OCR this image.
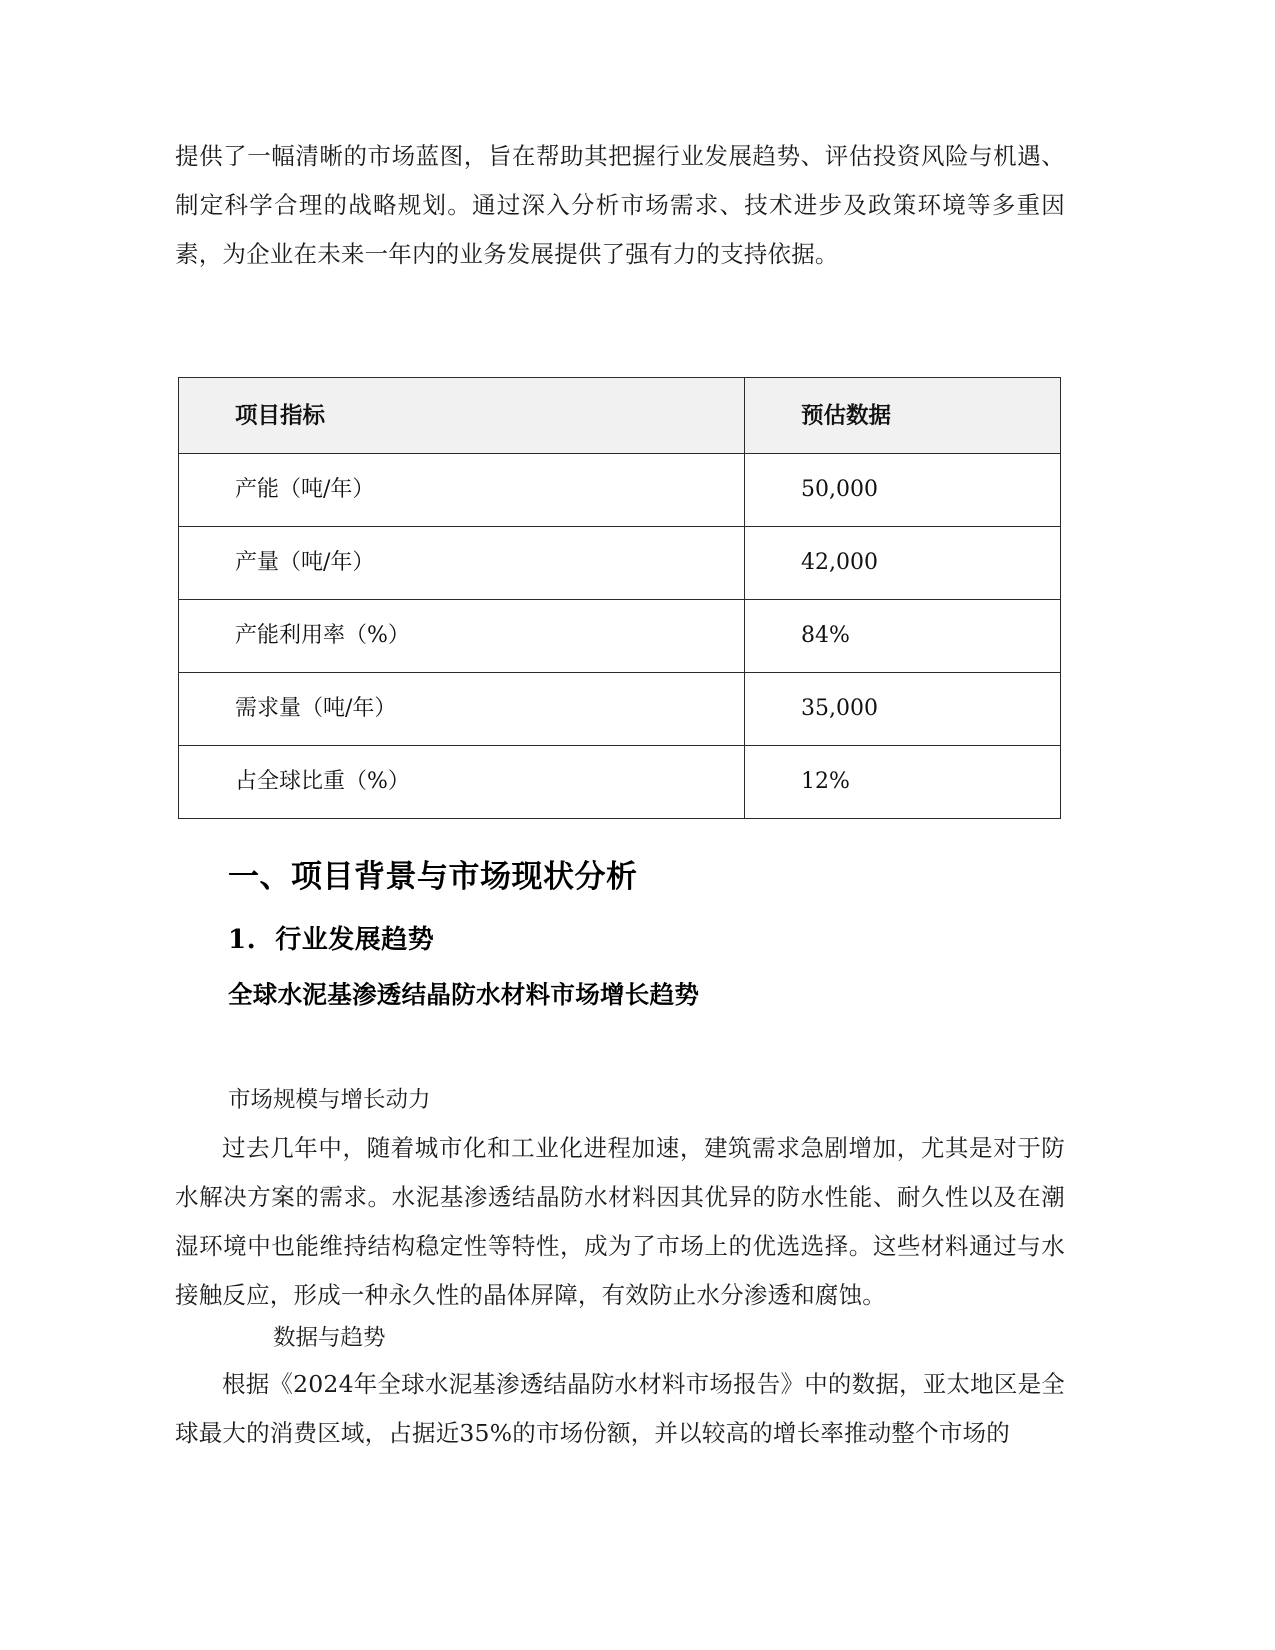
提供了一幅清晰的市场蓝图，旨在帮助其把握行业发展趋势、评估投资风险与机遇、制定科学合理的战略规划。通过深入分析市场需求、技术进步及政策环境等多重因素，为企业在未来一年内的业务发展提供了强有力的支持依据。

项目指标	预估数据

产能（吨/年）	50,000

产量（吨/年）	42,000

产能利用率（%）	84%

需求量（吨/年）	35,000

占全球比重（%）	12%
一、项目背景与市场现状分析
1. 行业发展趋势
全球水泥基渗透结晶防水材料市场增长趋势
市场规模与增长动力

过去几年中，随着城市化和工业化进程加速，建筑需求急剧增加，尤其是对于防水解决方案的需求。水泥基渗透结晶防水材料因其优异的防水性能、耐久性以及在潮湿环境中也能维持结构稳定性等特性，成为了市场上的优选选择。这些材料通过与水接触反应，形成一种永久性的晶体屏障，有效防止水分渗透和腐蚀。

数据与趋势

根据《2024年全球水泥基渗透结晶防水材料市场报告》中的数据，亚太地区是全球最大的消费区域，占据近35%的市场份额，并以较高的增长率推动整个市场的
